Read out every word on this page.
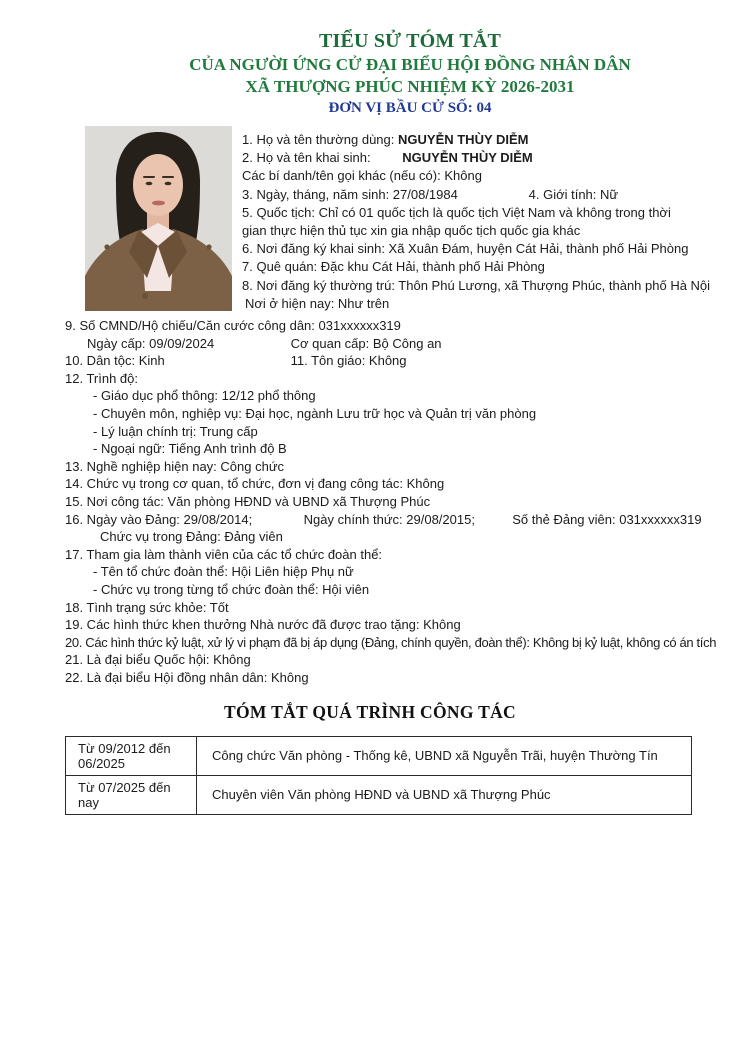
TIỂU SỬ TÓM TẮT
CỦA NGƯỜI ỨNG CỬ ĐẠI BIỂU HỘI ĐỒNG NHÂN DÂN
XÃ THƯỢNG PHÚC NHIỆM KỲ 2026-2031
ĐƠN VỊ BẦU CỬ SỐ: 04
1. Họ và tên thường dùng: NGUYỄN THÙY DIỄM
2. Họ và tên khai sinh: NGUYỄN THÙY DIỄM
Các bí danh/tên gọi khác (nếu có): Không
3. Ngày, tháng, năm sinh: 27/08/1984	4. Giới tính: Nữ
5. Quốc tịch: Chỉ có 01 quốc tịch là quốc tịch Việt Nam và không trong thời gian thực hiện thủ tục xin gia nhập quốc tịch quốc gia khác
6. Nơi đăng ký khai sinh: Xã Xuân Đám, huyện Cát Hải, thành phố Hải Phòng
7. Quê quán: Đặc khu Cát Hải, thành phố Hải Phòng
8. Nơi đăng ký thường trú: Thôn Phú Lương, xã Thượng Phúc, thành phố Hà Nội
Nơi ở hiện nay: Như trên
9. Số CMND/Hộ chiếu/Căn cước công dân: 031xxxxxx319
Ngày cấp: 09/09/2024	Cơ quan cấp: Bộ Công an
10. Dân tộc: Kinh	11. Tôn giáo: Không
12. Trình độ:
- Giáo dục phổ thông: 12/12 phổ thông
- Chuyên môn, nghiệp vụ: Đại học, ngành Lưu trữ học và Quản trị văn phòng
- Lý luận chính trị: Trung cấp
- Ngoại ngữ: Tiếng Anh trình độ B
13. Nghề nghiệp hiện nay: Công chức
14. Chức vụ trong cơ quan, tổ chức, đơn vị đang công tác: Không
15. Nơi công tác: Văn phòng HĐND và UBND xã Thượng Phúc
16. Ngày vào Đảng: 29/08/2014;	Ngày chính thức: 29/08/2015;	Số thẻ Đảng viên: 031xxxxxx319
Chức vụ trong Đảng: Đảng viên
17. Tham gia làm thành viên của các tổ chức đoàn thể:
- Tên tổ chức đoàn thể: Hội Liên hiệp Phụ nữ
- Chức vụ trong từng tổ chức đoàn thể: Hội viên
18. Tình trạng sức khỏe: Tốt
19. Các hình thức khen thưởng Nhà nước đã được trao tặng: Không
20. Các hình thức kỷ luật, xử lý vi phạm đã bị áp dụng (Đảng, chính quyền, đoàn thể): Không bị kỷ luật, không có án tích
21. Là đại biểu Quốc hội: Không
22. Là đại biểu Hội đồng nhân dân: Không
TÓM TẮT QUÁ TRÌNH CÔNG TÁC
Từ 09/2012 đến 06/2025	Công chức Văn phòng - Thống kê, UBND xã Nguyễn Trãi, huyện Thường Tín
Từ 07/2025 đến nay	Chuyên viên Văn phòng HĐND và UBND xã Thượng Phúc
